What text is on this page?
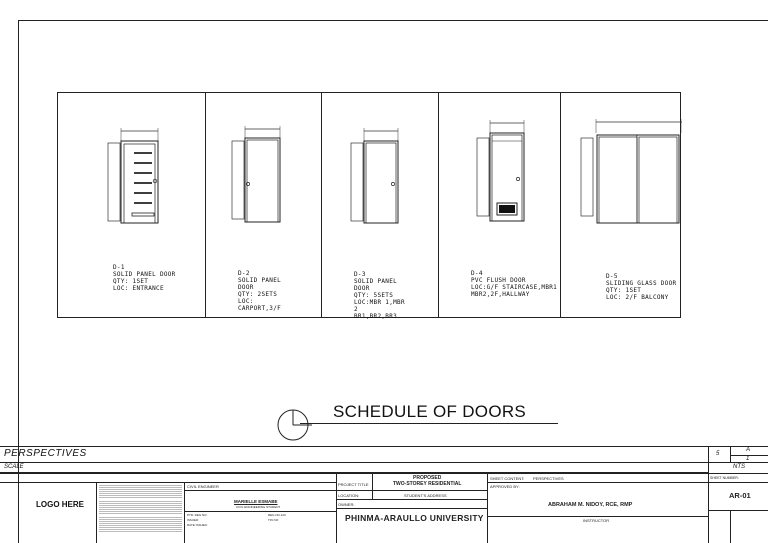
D-1
SOLID PANEL DOOR
QTY: 1SET
LOC: ENTRANCE

D-2
SOLID PANEL
DOOR
QTY: 2SETS
LOC:
CARPORT,3/F

D-3
SOLID PANEL
DOOR
QTY: 5SETS
LOC:MBR 1,MBR
2
BR1,BR2,BR3

D-4
PVC FLUSH DOOR
LOC:G/F STAIRCASE,MBR1
MBR2,2F,HALLWAY

D-5
SLIDING GLASS DOOR
QTY: 1SET
LOC: 2/F BALCONY

SCHEDULE OF DOORS
PERSPECTIVES
SCALE
5
A
1
NTS
LOGO HERE
CIVIL ENGINEER
MARIELLE ESMABE
CIVIL ENGINEERING STUDENT
PTR. REG.NO:	REG.NO.123
ISSUED:	TIN NO:
DATE ISSUED:
PROJECT TITLE
PROPOSED
TWO-STOREY RESIDENTIAL
LOCATION:	STUDENT'S ADDRESS
OWNER:
PHINMA-ARAULLO UNIVERSITY
SHEET CONTENT: PERSPECTIVES
APPROVED BY:
ABRAHAM M. NIDOY, RCE, RMP
INSTRUCTOR
SHEET NUMBER:
AR-01
